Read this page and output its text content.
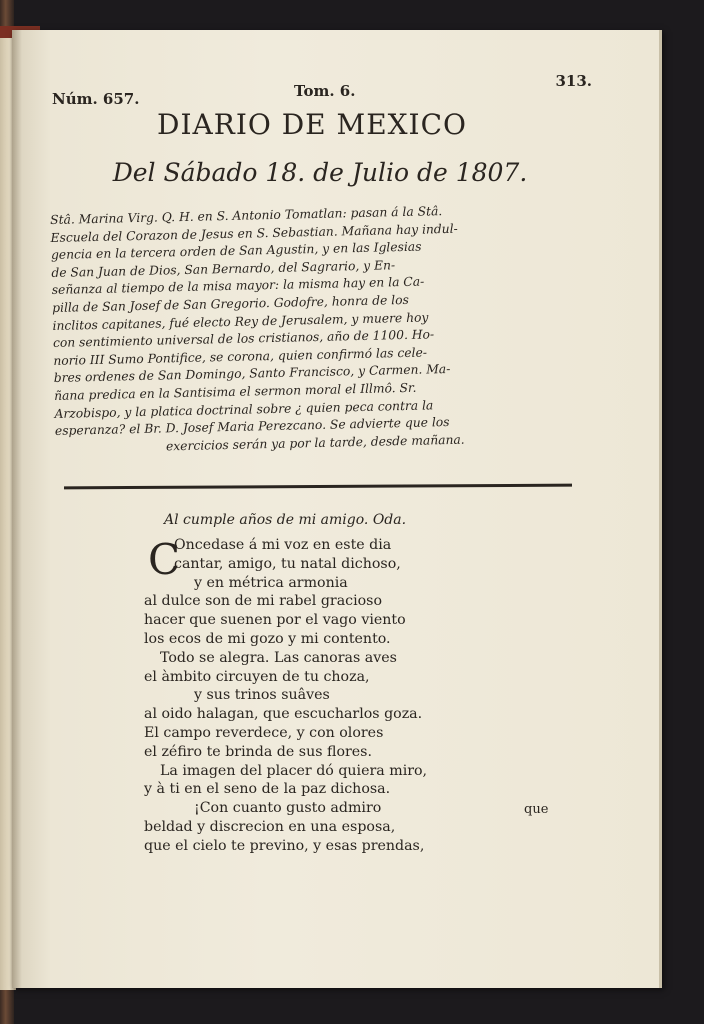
Núm. 657.	Tom. 6.
313.
DIARIO DE MEXICO
Del Sábado 18. de Julio de 1807.

Stâ. Marina Virg. Q. H. en S. Antonio Tomatlan: pasan á la Stâ.

Escuela del Corazon de Jesus en S. Sebastian. Mañana hay indul-

gencia en la tercera orden de San Agustin, y en las Iglesias

de San Juan de Dios, San Bernardo, del Sagrario, y En-

señanza al tiempo de la misa mayor: la misma hay en la Ca-

pilla de San Josef de San Gregorio. Godofre, honra de los

inclitos capitanes, fué electo Rey de Jerusalem, y muere hoy

con sentimiento universal de los cristianos, año de 1100. Ho-

norio III Sumo Pontifice, se corona, quien confirmó las cele-

bres ordenes de San Domingo, Santo Francisco, y Carmen. Ma-

ñana predica en la Santisima el sermon moral el Illmô. Sr.

Arzobispo, y la platica doctrinal sobre ¿ quien peca contra la

esperanza? el Br. D. Josef Maria Perezcano. Se advierte que los

exercicios serán ya por la tarde, desde mañana.

Al cumple años de mi amigo. Oda.
C
Oncedase á mi voz en este dia
cantar, amigo, tu natal dichoso,
y en métrica armonia
al dulce son de mi rabel gracioso
hacer que suenen por el vago viento
los ecos de mi gozo y mi contento.
Todo se alegra. Las canoras aves
el àmbito circuyen de tu choza,
y sus trinos suâves
al oido halagan, que escucharlos goza.
El campo reverdece, y con olores
el zéfiro te brinda de sus flores.
La imagen del placer dó quiera miro,
y à ti en el seno de la paz dichosa.
¡Con cuanto gusto admiro
beldad y discrecion en una esposa,
que el cielo te previno, y esas prendas,
que
